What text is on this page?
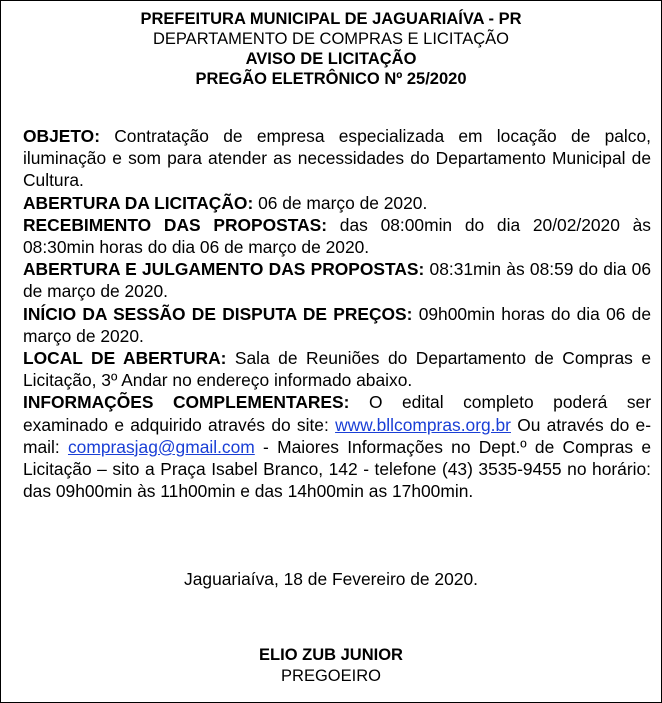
PREFEITURA MUNICIPAL DE JAGUARIAÍVA - PR
DEPARTAMENTO DE COMPRAS E LICITAÇÃO
AVISO DE LICITAÇÃO
PREGÃO ELETRÔNICO Nº 25/2020

OBJETO: Contratação de empresa especializada em locação de palco, iluminação e som para atender as necessidades do Departamento Municipal de Cultura.

ABERTURA DA LICITAÇÃO: 06 de março de 2020.

RECEBIMENTO DAS PROPOSTAS: das 08:00min do dia 20/02/2020 às 08:30min horas do dia 06 de março de 2020.

ABERTURA E JULGAMENTO DAS PROPOSTAS: 08:31min às 08:59 do dia 06 de março de 2020.

INÍCIO DA SESSÃO DE DISPUTA DE PREÇOS: 09h00min horas do dia 06 de março de 2020.

LOCAL DE ABERTURA: Sala de Reuniões do Departamento de Compras e Licitação, 3º Andar no endereço informado abaixo.

INFORMAÇÕES COMPLEMENTARES: O edital completo poderá ser examinado e adquirido através do site: www.bllcompras.org.br Ou através do e-mail: comprasjag@gmail.com - Maiores Informações no Dept.º de Compras e Licitação – sito a Praça Isabel Branco, 142 - telefone (43) 3535-9455 no horário: das 09h00min às 11h00min e das 14h00min as 17h00min.

Jaguariaíva, 18 de Fevereiro de 2020.
ELIO ZUB JUNIOR
PREGOEIRO
